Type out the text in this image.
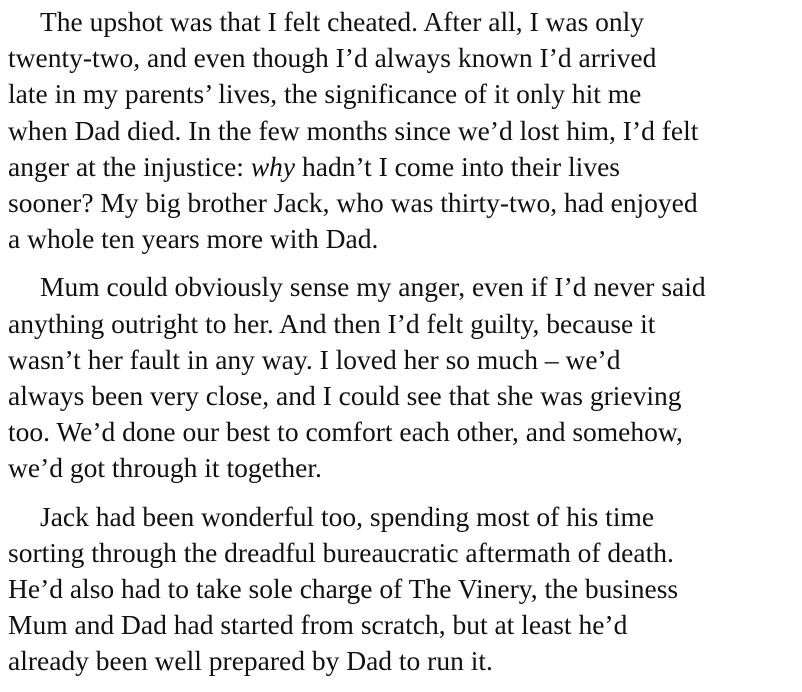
The upshot was that I felt cheated. After all, I was only
twenty-two, and even though I’d always known I’d arrived
late in my parents’ lives, the significance of it only hit me
when Dad died. In the few months since we’d lost him, I’d felt
anger at the injustice: why hadn’t I come into their lives
sooner? My big brother Jack, who was thirty-two, had enjoyed
a whole ten years more with Dad.

Mum could obviously sense my anger, even if I’d never said
anything outright to her. And then I’d felt guilty, because it
wasn’t her fault in any way. I loved her so much – we’d
always been very close, and I could see that she was grieving
too. We’d done our best to comfort each other, and somehow,
we’d got through it together.

Jack had been wonderful too, spending most of his time
sorting through the dreadful bureaucratic aftermath of death.
He’d also had to take sole charge of The Vinery, the business
Mum and Dad had started from scratch, but at least he’d
already been well prepared by Dad to run it.
